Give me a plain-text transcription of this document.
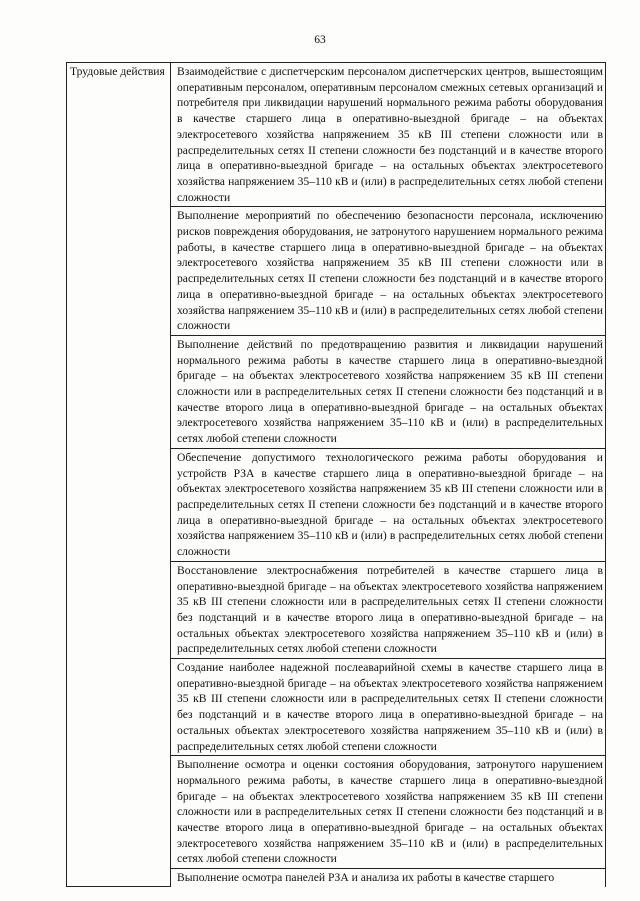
63
Трудовые действия	Взаимодействие с диспетчерским персоналом диспетчерских центров, вышестоящим оперативным персоналом, оперативным персоналом смежных сетевых организаций и потребителя при ликвидации нарушений нормального режима работы оборудования в качестве старшего лица в оперативно-выездной бригаде – на объектах электросетевого хозяйства напряжением 35 кВ III степени сложности или в распределительных сетях II степени сложности без подстанций и в качестве второго лица в оперативно-выездной бригаде – на остальных объектах электросетевого хозяйства напряжением 35–110 кВ и (или) в распределительных сетях любой степени сложности
Выполнение мероприятий по обеспечению безопасности персонала, исключению рисков повреждения оборудования, не затронутого нарушением нормального режима работы, в качестве старшего лица в оперативно-выездной бригаде – на объектах электросетевого хозяйства напряжением 35 кВ III степени сложности или в распределительных сетях II степени сложности без подстанций и в качестве второго лица в оперативно-выездной бригаде – на остальных объектах электросетевого хозяйства напряжением 35–110 кВ и (или) в распределительных сетях любой степени сложности
Выполнение действий по предотвращению развития и ликвидации нарушений нормального режима работы в качестве старшего лица в оперативно-выездной бригаде – на объектах электросетевого хозяйства напряжением 35 кВ III степени сложности или в распределительных сетях II степени сложности без подстанций и в качестве второго лица в оперативно-выездной бригаде – на остальных объектах электросетевого хозяйства напряжением 35–110 кВ и (или) в распределительных сетях любой степени сложности
Обеспечение допустимого технологического режима работы оборудования и устройств РЗА в качестве старшего лица в оперативно-выездной бригаде – на объектах электросетевого хозяйства напряжением 35 кВ III степени сложности или в распределительных сетях II степени сложности без подстанций и в качестве второго лица в оперативно-выездной бригаде – на остальных объектах электросетевого хозяйства напряжением 35–110 кВ и (или) в распределительных сетях любой степени сложности
Восстановление электроснабжения потребителей в качестве старшего лица в оперативно-выездной бригаде – на объектах электросетевого хозяйства напряжением 35 кВ III степени сложности или в распределительных сетях II степени сложности без подстанций и в качестве второго лица в оперативно-выездной бригаде – на остальных объектах электросетевого хозяйства напряжением 35–110 кВ и (или) в распределительных сетях любой степени сложности
Создание наиболее надежной послеаварийной схемы в качестве старшего лица в оперативно-выездной бригаде – на объектах электросетевого хозяйства напряжением 35 кВ III степени сложности или в распределительных сетях II степени сложности без подстанций и в качестве второго лица в оперативно-выездной бригаде – на остальных объектах электросетевого хозяйства напряжением 35–110 кВ и (или) в распределительных сетях любой степени сложности
Выполнение осмотра и оценки состояния оборудования, затронутого нарушением нормального режима работы, в качестве старшего лица в оперативно-выездной бригаде – на объектах электросетевого хозяйства напряжением 35 кВ III степени сложности или в распределительных сетях II степени сложности без подстанций и в качестве второго лица в оперативно-выездной бригаде – на остальных объектах электросетевого хозяйства напряжением 35–110 кВ и (или) в распределительных сетях любой степени сложности
Выполнение осмотра панелей РЗА и анализа их работы в качестве старшего
